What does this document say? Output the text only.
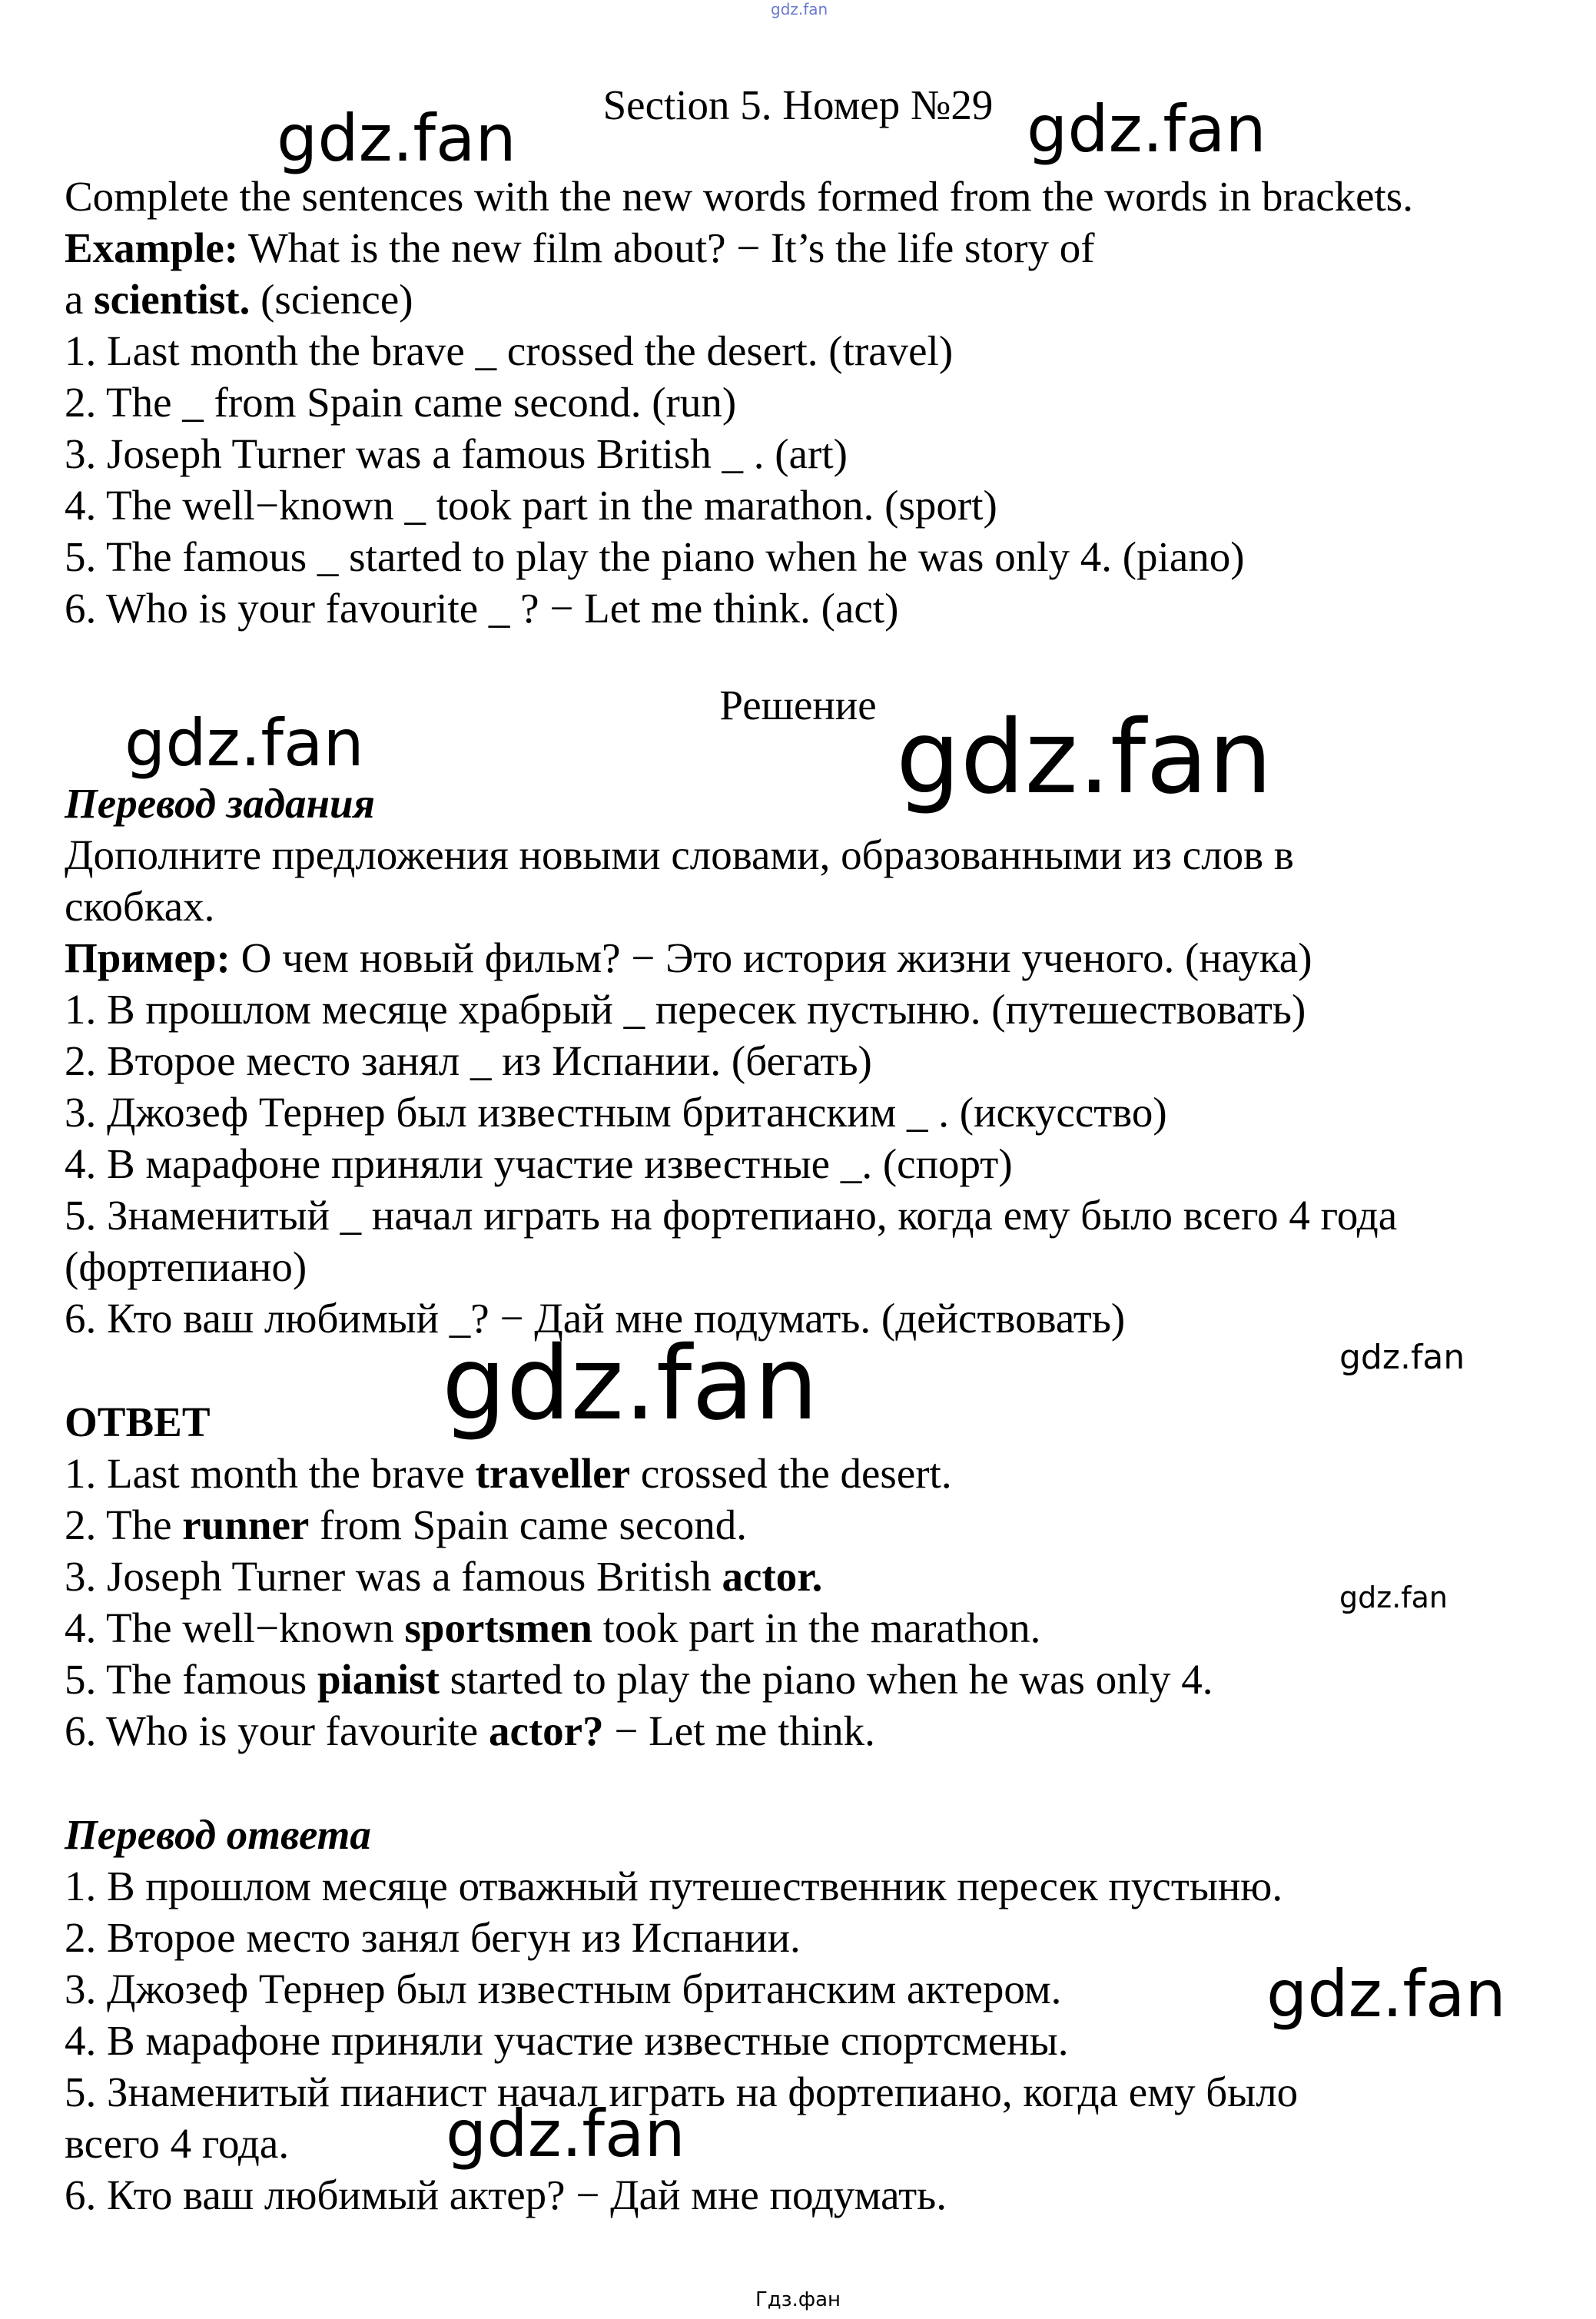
gdz.fan
gdz.fan	gdz.fan
gdz.fan	gdz.fan
gdz.fan
gdz.fan
gdz.fan
gdz.fan
gdz.fan

Section 5. Номер №29

Complete the sentences with the new words formed from the words in brackets.

Example: What is the new film about? − It’s the life story of

a scientist. (science)

1. Last month the brave _ crossed the desert. (travel)

2. The _ from Spain came second. (run)

3. Joseph Turner was a famous British _ . (art)

4. The well−known _ took part in the marathon. (sport)

5. The famous _ started to play the piano when he was only 4. (piano)

6. Who is your favourite _ ? − Let me think. (act)

Решение

Перевод задания

Дополните предложения новыми словами, образованными из слов в

скобках.

Пример: О чем новый фильм? − Это история жизни ученого. (наука)

1. В прошлом месяце храбрый _ пересек пустыню. (путешествовать)

2. Второе место занял _ из Испании. (бегать)

3. Джозеф Тернер был известным британским _ . (искусство)

4. В марафоне приняли участие известные _. (спорт)

5. Знаменитый _ начал играть на фортепиано, когда ему было всего 4 года

(фортепиано)

6. Кто ваш любимый _? − Дай мне подумать. (действовать)

ОТВЕТ

1. Last month the brave traveller crossed the desert.

2. The runner from Spain came second.

3. Joseph Turner was a famous British actor.

4. The well−known sportsmen took part in the marathon.

5. The famous pianist started to play the piano when he was only 4.

6. Who is your favourite actor? − Let me think.

Перевод ответа

1. В прошлом месяце отважный путешественник пересек пустыню.

2. Второе место занял бегун из Испании.

3. Джозеф Тернер был известным британским актером.

4. В марафоне приняли участие известные спортсмены.

5. Знаменитый пианист начал играть на фортепиано, когда ему было

всего 4 года.

6. Кто ваш любимый актер? − Дай мне подумать.

Гдз.фан
